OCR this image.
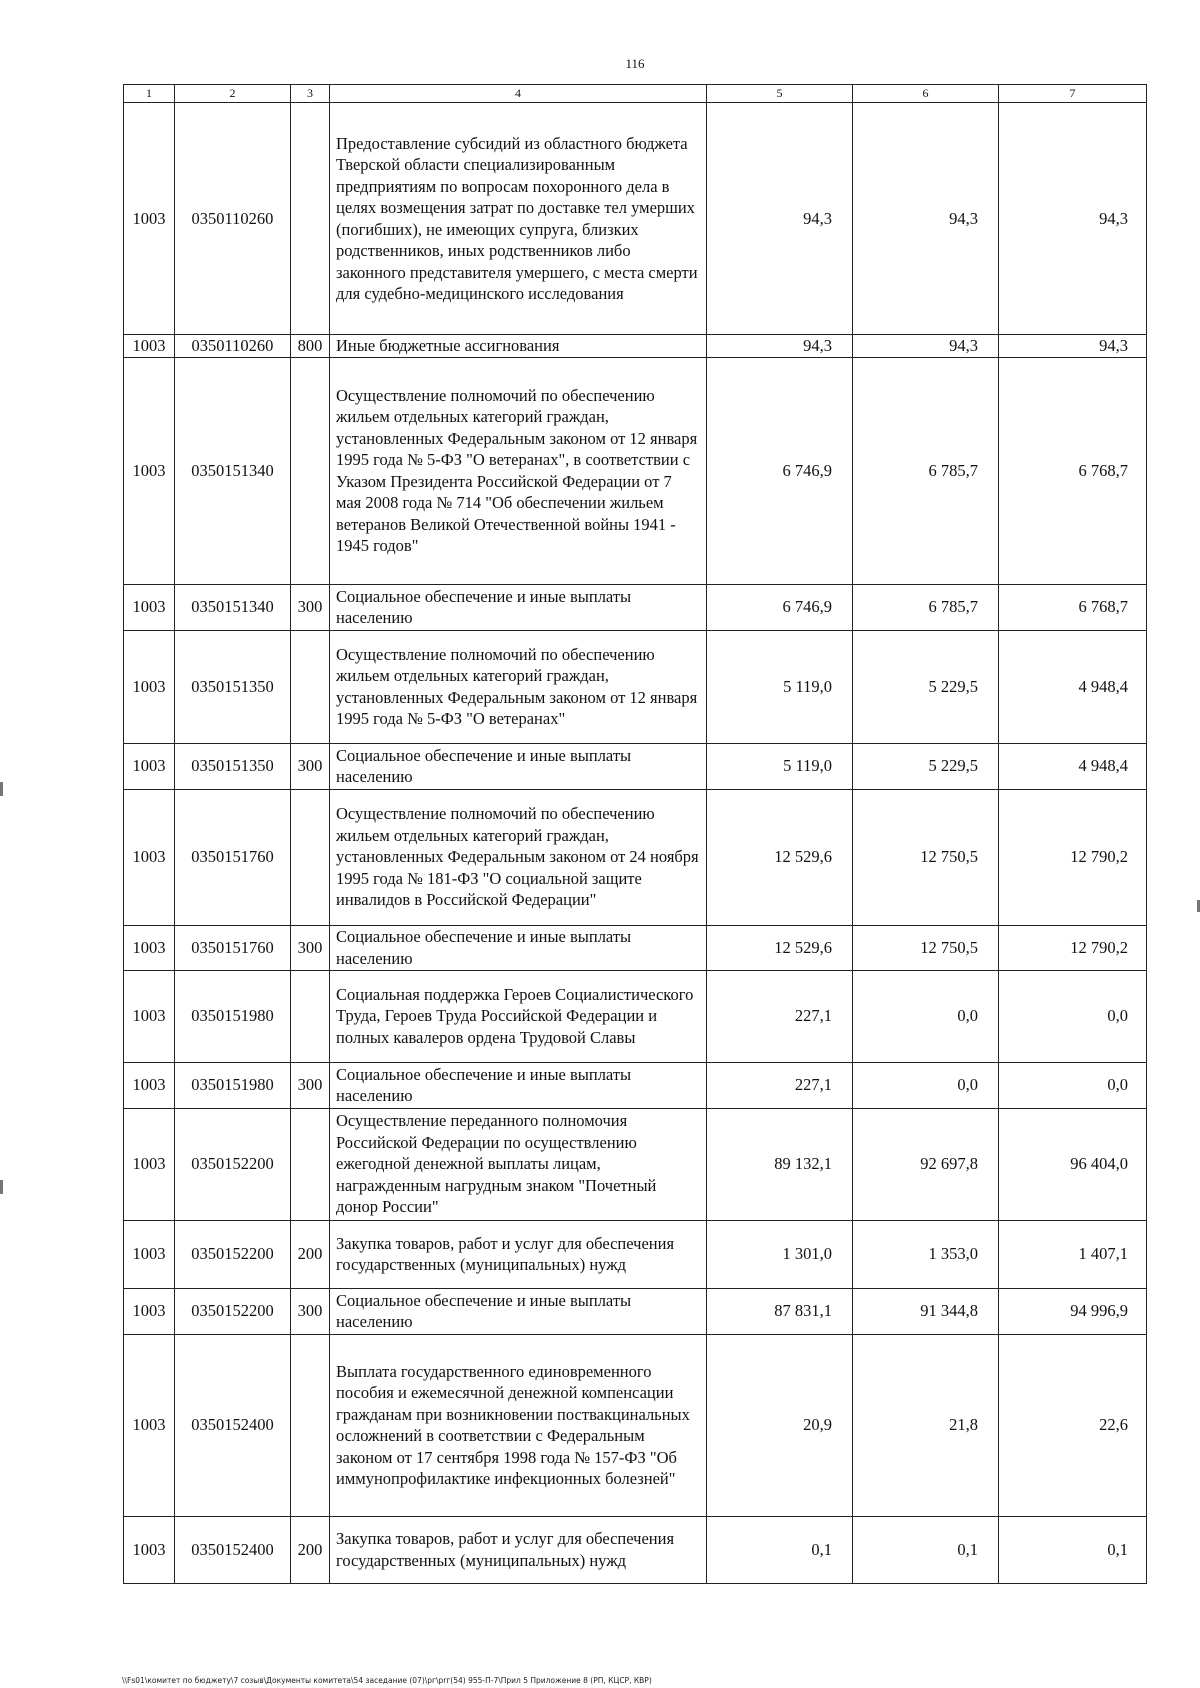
116
1	2	3	4	5	6	7
1003	0350110260		Предоставление субсидий из областного бюджета Тверской области специализированным предприятиям по вопросам похоронного дела в целях возмещения затрат по доставке тел умерших (погибших), не имеющих супруга, близких родственников, иных родственников либо законного представителя умершего, с места смерти для судебно-медицинского исследования	94,3	94,3	94,3
1003	0350110260	800	Иные бюджетные ассигнования	94,3	94,3	94,3
1003	0350151340		Осуществление полномочий по обеспечению жильем отдельных категорий граждан, установленных Федеральным законом от 12 января 1995 года № 5-ФЗ "О ветеранах", в соответствии с Указом Президента Российской Федерации от 7 мая 2008 года № 714 "Об обеспечении жильем ветеранов Великой Отечественной войны 1941 - 1945 годов"	6 746,9	6 785,7	6 768,7
1003	0350151340	300	Социальное обеспечение и иные выплаты населению	6 746,9	6 785,7	6 768,7
1003	0350151350		Осуществление полномочий по обеспечению жильем отдельных категорий граждан, установленных Федеральным законом от 12 января 1995 года № 5-ФЗ "О ветеранах"	5 119,0	5 229,5	4 948,4
1003	0350151350	300	Социальное обеспечение и иные выплаты населению	5 119,0	5 229,5	4 948,4
1003	0350151760		Осуществление полномочий по обеспечению жильем отдельных категорий граждан, установленных Федеральным законом от 24 ноября 1995 года № 181-ФЗ "О социальной защите инвалидов в Российской Федерации"	12 529,6	12 750,5	12 790,2
1003	0350151760	300	Социальное обеспечение и иные выплаты населению	12 529,6	12 750,5	12 790,2
1003	0350151980		Социальная поддержка Героев Социалистического Труда, Героев Труда Российской Федерации и полных кавалеров ордена Трудовой Славы	227,1	0,0	0,0
1003	0350151980	300	Социальное обеспечение и иные выплаты населению	227,1	0,0	0,0
1003	0350152200		Осуществление переданного полномочия Российской Федерации по осуществлению ежегодной денежной выплаты лицам, награжденным нагрудным знаком "Почетный донор России"	89 132,1	92 697,8	96 404,0
1003	0350152200	200	Закупка товаров, работ и услуг для обеспечения государственных (муниципальных) нужд	1 301,0	1 353,0	1 407,1
1003	0350152200	300	Социальное обеспечение и иные выплаты населению	87 831,1	91 344,8	94 996,9
1003	0350152400		Выплата государственного единовременного пособия и ежемесячной денежной компенсации гражданам при возникновении поствакцинальных осложнений в соответствии с Федеральным законом от 17 сентября 1998 года № 157-ФЗ "Об иммунопрофилактике инфекционных болезней"	20,9	21,8	22,6
1003	0350152400	200	Закупка товаров, работ и услуг для обеспечения государственных (муниципальных) нужд	0,1	0,1	0,1
\\Fs01\комитет по бюджету\7 созыв\Документы комитета\54 заседание (07)\рг\рrг(54) 955-П-7\Прил 5 Приложение 8 (РП, КЦСР, КВР)
